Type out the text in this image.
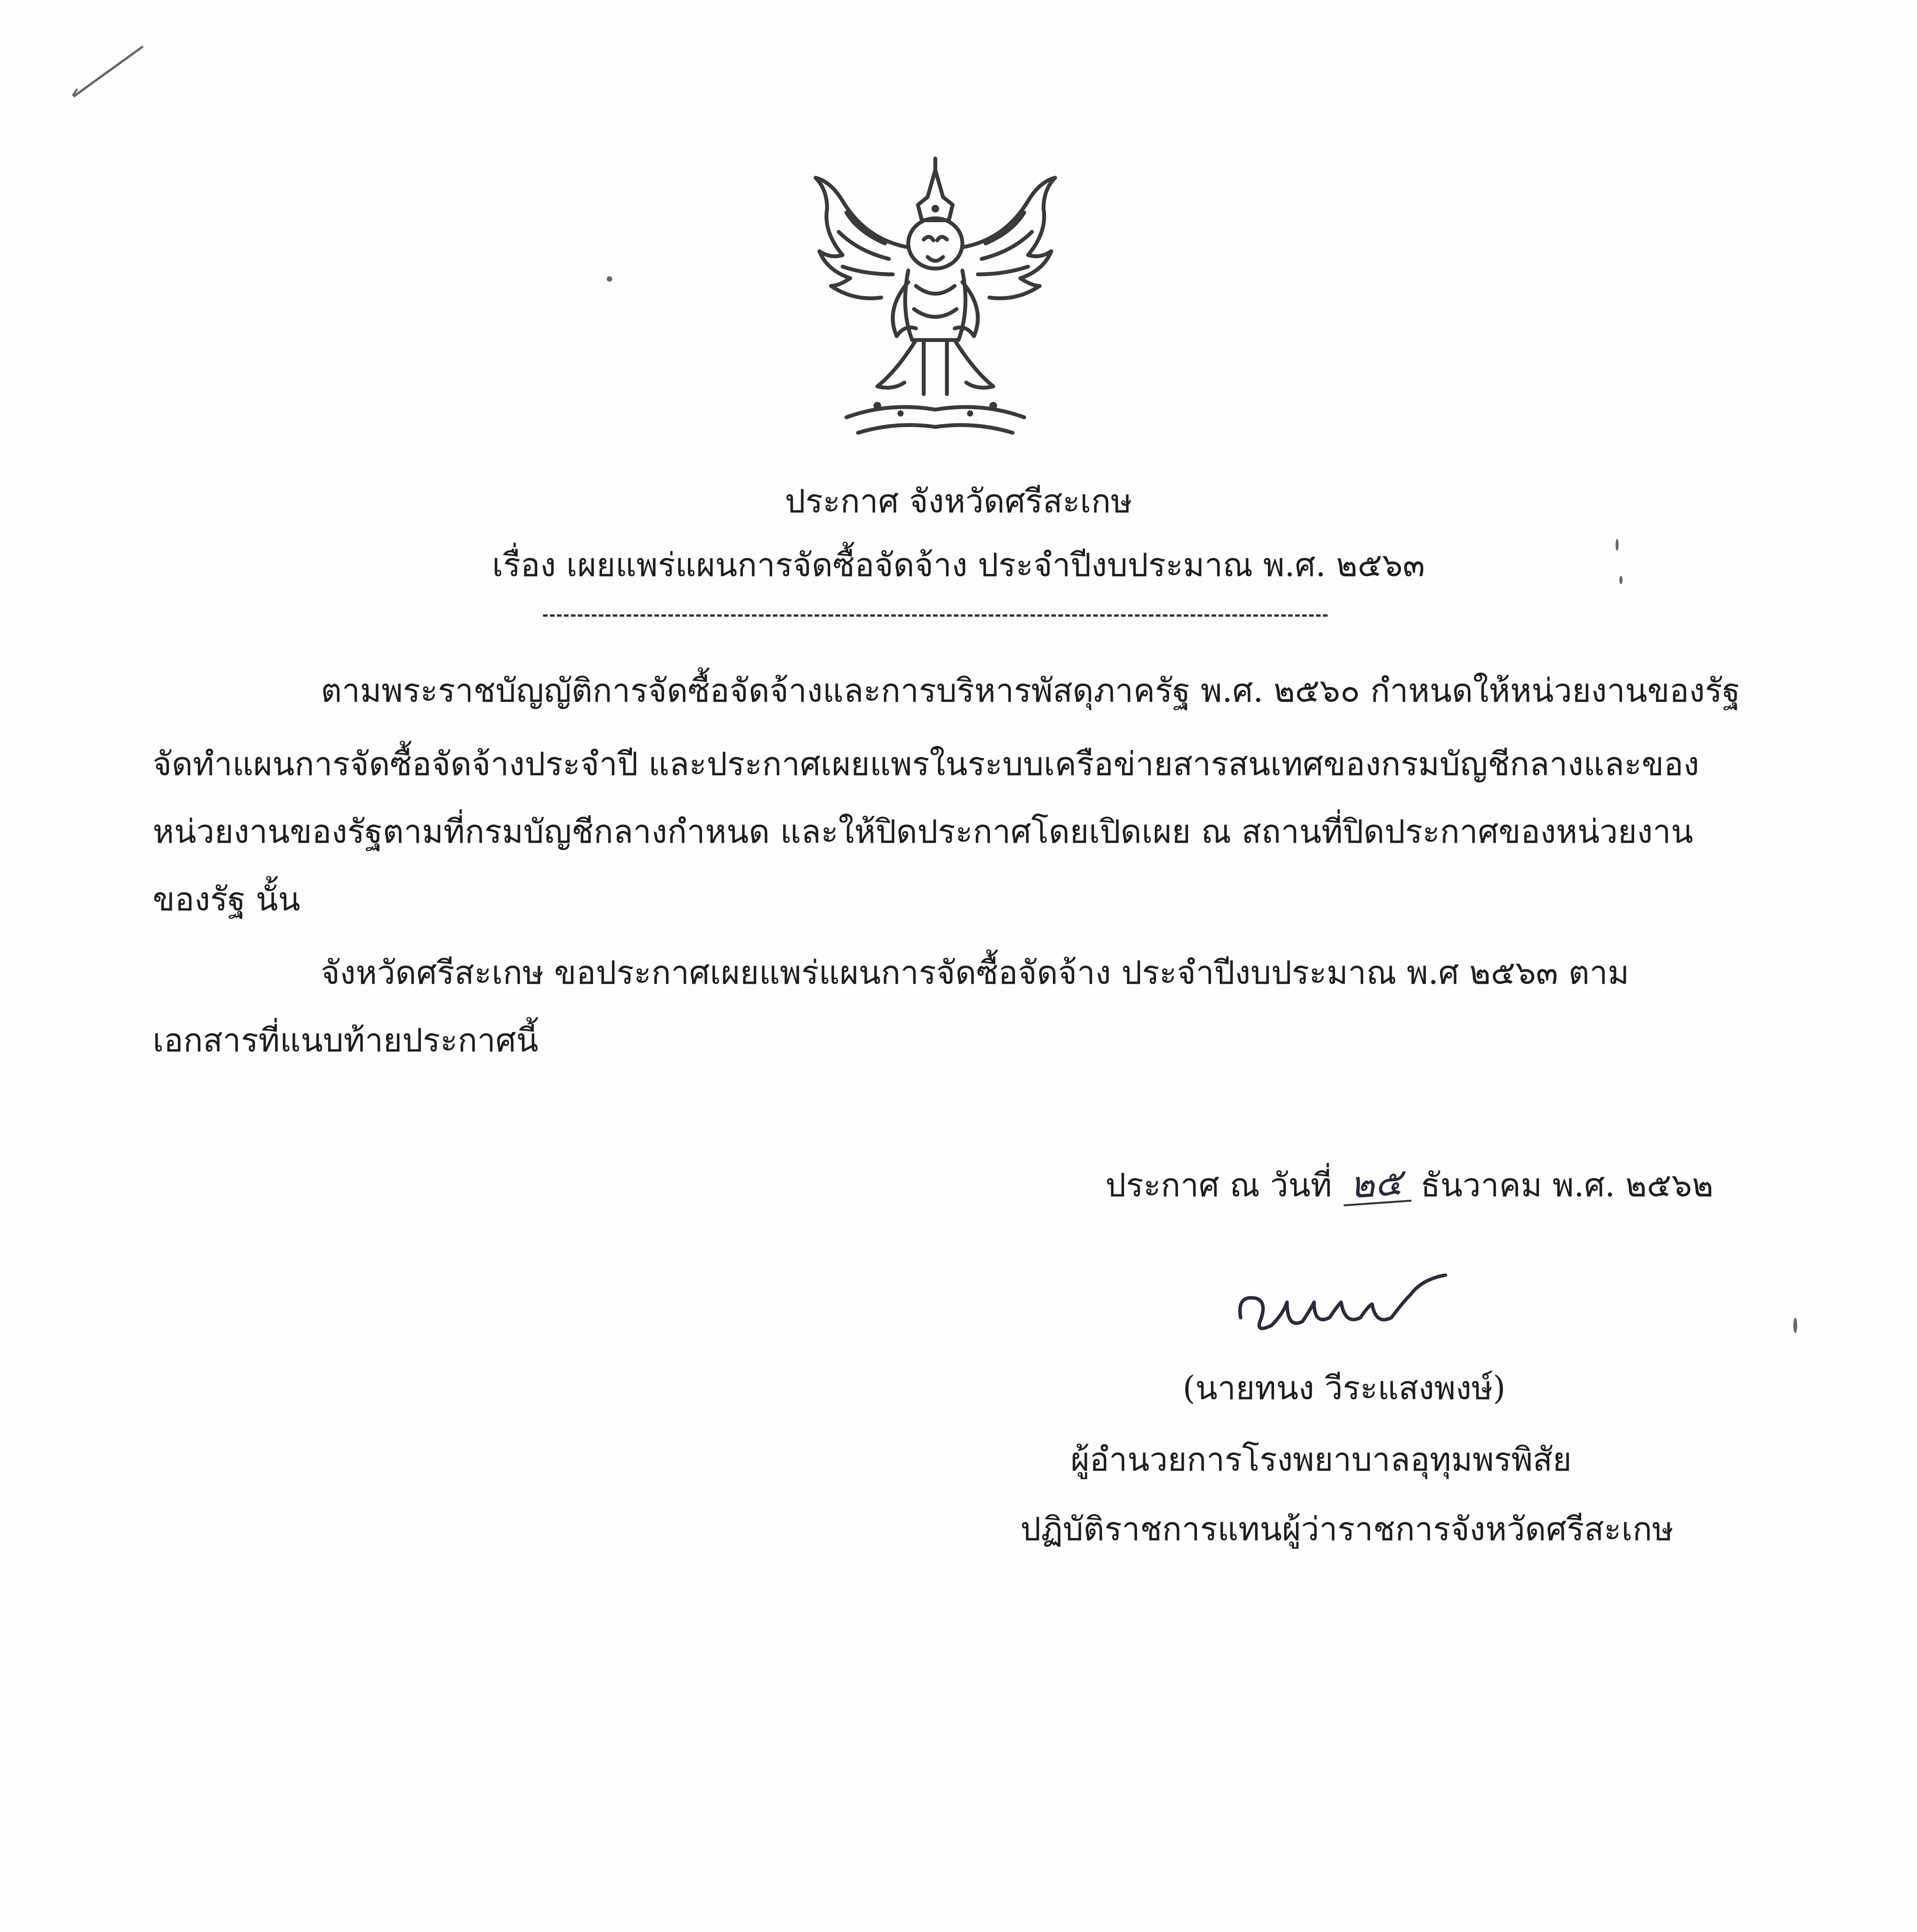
ประกาศ จังหวัดศรีสะเกษ
เรื่อง เผยแพร่แผนการจัดซื้อจัดจ้าง ประจำปีงบประมาณ พ.ศ. ๒๕๖๓
ตามพระราชบัญญัติการจัดซื้อจัดจ้างและการบริหารพัสดุภาครัฐ พ.ศ. ๒๕๖๐ กำหนดให้หน่วยงานของรัฐ
จัดทำแผนการจัดซื้อจัดจ้างประจำปี และประกาศเผยแพรในระบบเครือข่ายสารสนเทศของกรมบัญชีกลางและของ
หน่วยงานของรัฐตามที่กรมบัญชีกลางกำหนด และให้ปิดประกาศโดยเปิดเผย ณ สถานที่ปิดประกาศของหน่วยงาน
ของรัฐ นั้น
จังหวัดศรีสะเกษ ขอประกาศเผยแพร่แผนการจัดซื้อจัดจ้าง ประจำปีงบประมาณ พ.ศ ๒๕๖๓ ตาม
เอกสารที่แนบท้ายประกาศนี้
ประกาศ ณ วันที่ ๒๕ ธันวาคม พ.ศ. ๒๕๖๒
(นายทนง วีระแสงพงษ์)
ผู้อำนวยการโรงพยาบาลอุทุมพรพิสัย
ปฏิบัติราชการแทนผู้ว่าราชการจังหวัดศรีสะเกษ
